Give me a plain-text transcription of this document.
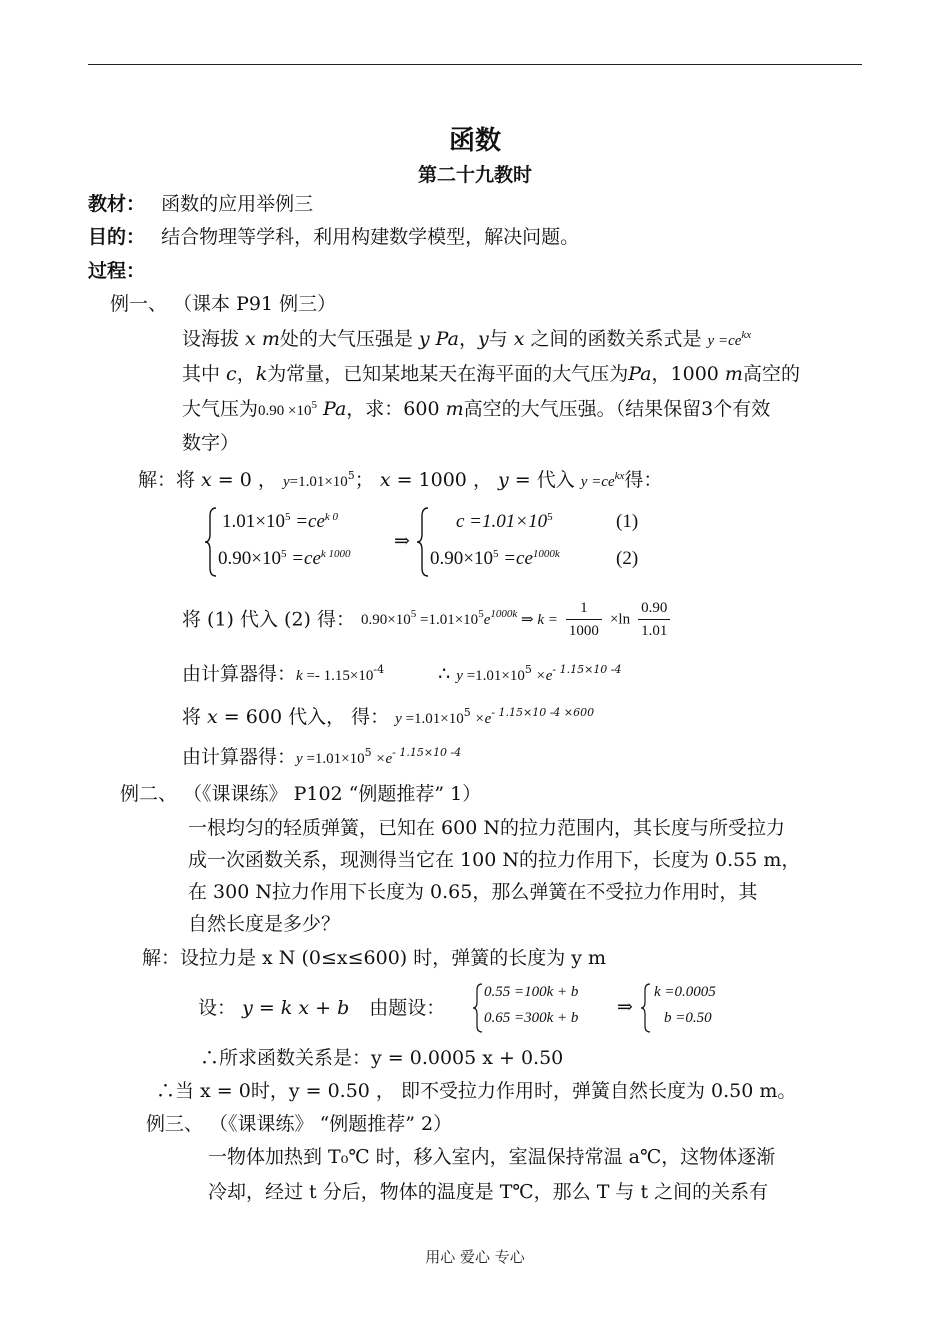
函数
第二十九教时
教材： 函数的应用举例三
目的： 结合物理等学科，利用构建数学模型，解决问题。
过程：
例一、 （课本 P91 例三）
设海拔 x m处的大气压强是 y Pa，y与 x 之间的函数关系式是 $y =ce^{kx}$
其中 c，k为常量，已知某地某天在海平面的大气压为Pa，1000 m高空的
大气压为$0.90 \times 10^5$ Pa，求：600 m高空的大气压强。（结果保留3个有效
数字）
解：将 x = 0 ， $y=1.01\times 10^5$； x = 1000 ， y = 代入 $y =ce^{kx}$得：
$1.01\times 10^5 =ce^{k 0}$
$0.90\times 10^5 =ce^{k 1000}$
⇒
$c =1.01\times 10^5$	(1)
$0.90\times 10^5 =ce^{1000k}$	(2)
将 (1) 代入 (2) 得： $0.90\times 10^5 =1.01\times 10^5e^{1000k}$ ⇒ $k = \frac{1}{1000} \times\ln \frac{0.90}{1.01}$
由计算器得：$k =- 1.15\times 10^{-4}$	∴ $y =1.01\times 10^5 \times e^{- 1.15\times 10 -4}$
将 x = 600 代入， 得： $y =1.01\times 10^5 \times e^{- 1.15\times 10 -4 \times 600}$
由计算器得：$y =1.01\times 10^5 \times e^{- 1.15\times 10 -4}$
例二、 （《课课练》 P102 “例题推荐” 1）
一根均匀的轻质弹簧，已知在 600 N的拉力范围内，其长度与所受拉力
成一次函数关系，现测得当它在 100 N的拉力作用下，长度为 0.55 m，
在 300 N拉力作用下长度为 0.65，那么弹簧在不受拉力作用时，其
自然长度是多少？
解：设拉力是 x N (0≤x≤600) 时，弹簧的长度为 y m
设： y = k x + b 由题设：
0.55 =100k + b
0.65 =300k + b ⇒
k =0.0005
b =0.50
∴所求函数关系是：y = 0.0005 x + 0.50
∴当 x = 0时，y = 0.50 ， 即不受拉力作用时，弹簧自然长度为 0.50 m。
例三、 （《课课练》 “例题推荐” 2）
一物体加热到 T₀℃ 时，移入室内，室温保持常温 a℃，这物体逐渐
冷却，经过 t 分后，物体的温度是 T℃，那么 T 与 t 之间的关系有
用心 爱心 专心
